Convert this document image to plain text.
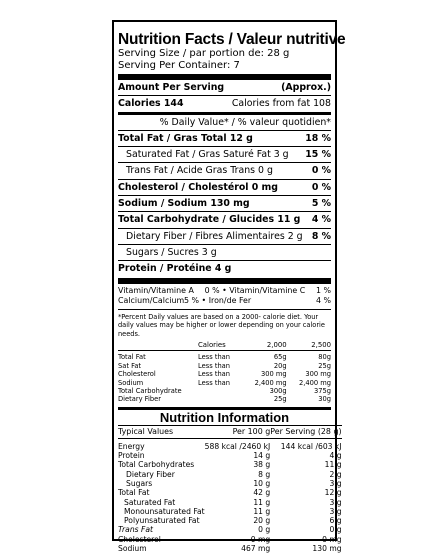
Nutrition Facts / Valeur nutritive
Serving Size / par portion de: 28 g
Serving Per Container: 7
Amount Per Serving	(Approx.)
Calories 144	Calories from fat 108
% Daily Value* / % valeur quotidien*
Total Fat / Gras Total 12 g	18 %
Saturated Fat / Gras Saturé Fat 3 g 15 %
Trans Fat / Acide Gras Trans 0 g	0 %
Cholesterol / Cholestérol 0 mg	0 %
Sodium / Sodium 130 mg	5 %
Total Carbohydrate / Glucides 11 g 4 %
Dietary Fiber / Fibres Alimentaires 2 g 8 %
Sugars / Sucres 3 g
Protein / Protéine 4 g
Vitamin/Vitamine A 0 % • Vitamin/Vitamine C 1 %
Calcium/Calcium 5 % • Iron/de Fer	4 %
*Percent Daily values are based on a 2000- calorie diet. Your daily values may be higher or lower depending on your calorie needs.
	Calories	2,000	2,500
Total Fat	Less than	65g	80g
Sat Fat	Less than	20g	25g
Cholesterol	Less than	300 mg	300 mg
Sodium	Less than	2,400 mg	2,400 mg
Total Carbohydrate		300g	375g
Dietary Fiber		25g	30g
Nutrition Information
Typical Values	Per 100 g	Per Serving (28 g)
Energy	588 kcal /2460 kJ	144 kcal /603 kJ
Protein	14 g	4 g
Total Carbohydrates	38 g	11 g
Dietary Fiber	8 g	2 g
Sugars	10 g	3 g
Total Fat	42 g	12 g
Saturated Fat	11 g	3 g
Monounsaturated Fat	11 g	3 g
Polyunsaturated Fat	20 g	6 g
Trans Fat	0 g	0 g
Cholesterol	0 mg	0 mg
Sodium	467 mg	130 mg
